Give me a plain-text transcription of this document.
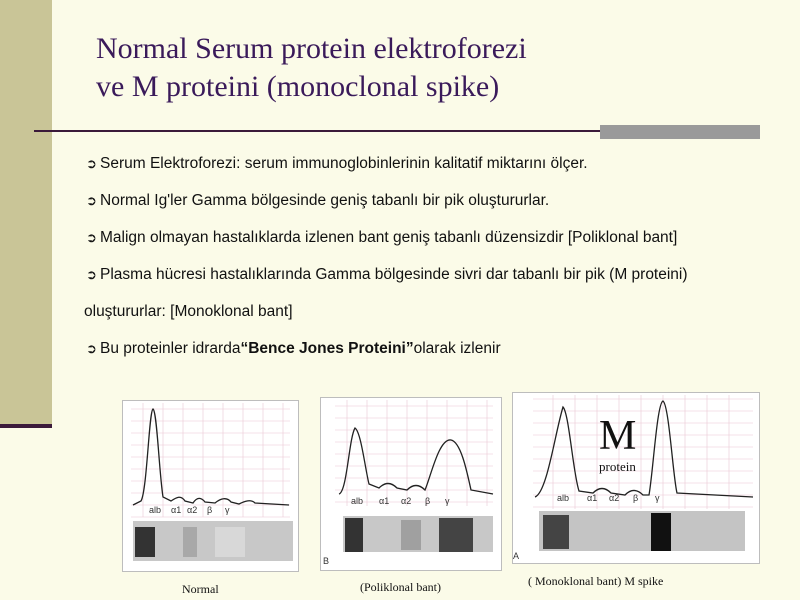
Normal Serum protein elektroforezi
ve M proteini (monoclonal spike)
➲ Serum Elektroforezi: serum immunoglobinlerinin kalitatif miktarını ölçer.
➲ Normal Ig'ler Gamma bölgesinde geniş tabanlı bir pik oluştururlar.
➲ Malign olmayan hastalıklarda izlenen bant geniş tabanlı düzensizdir [Poliklonal bant]
➲ Plasma hücresi hastalıklarında Gamma bölgesinde sivri dar tabanlı bir pik (M proteini)
oluştururlar: [Monoklonal bant]
➲ Bu proteinler idrarda “Bence Jones Proteini” olarak izlenir
alb α1 α2 β γ
Normal
alb α1 α2 β γ
B
(Poliklonal bant)
M
protein
alb α1 α2 β γ
A
( Monoklonal bant) M spike
